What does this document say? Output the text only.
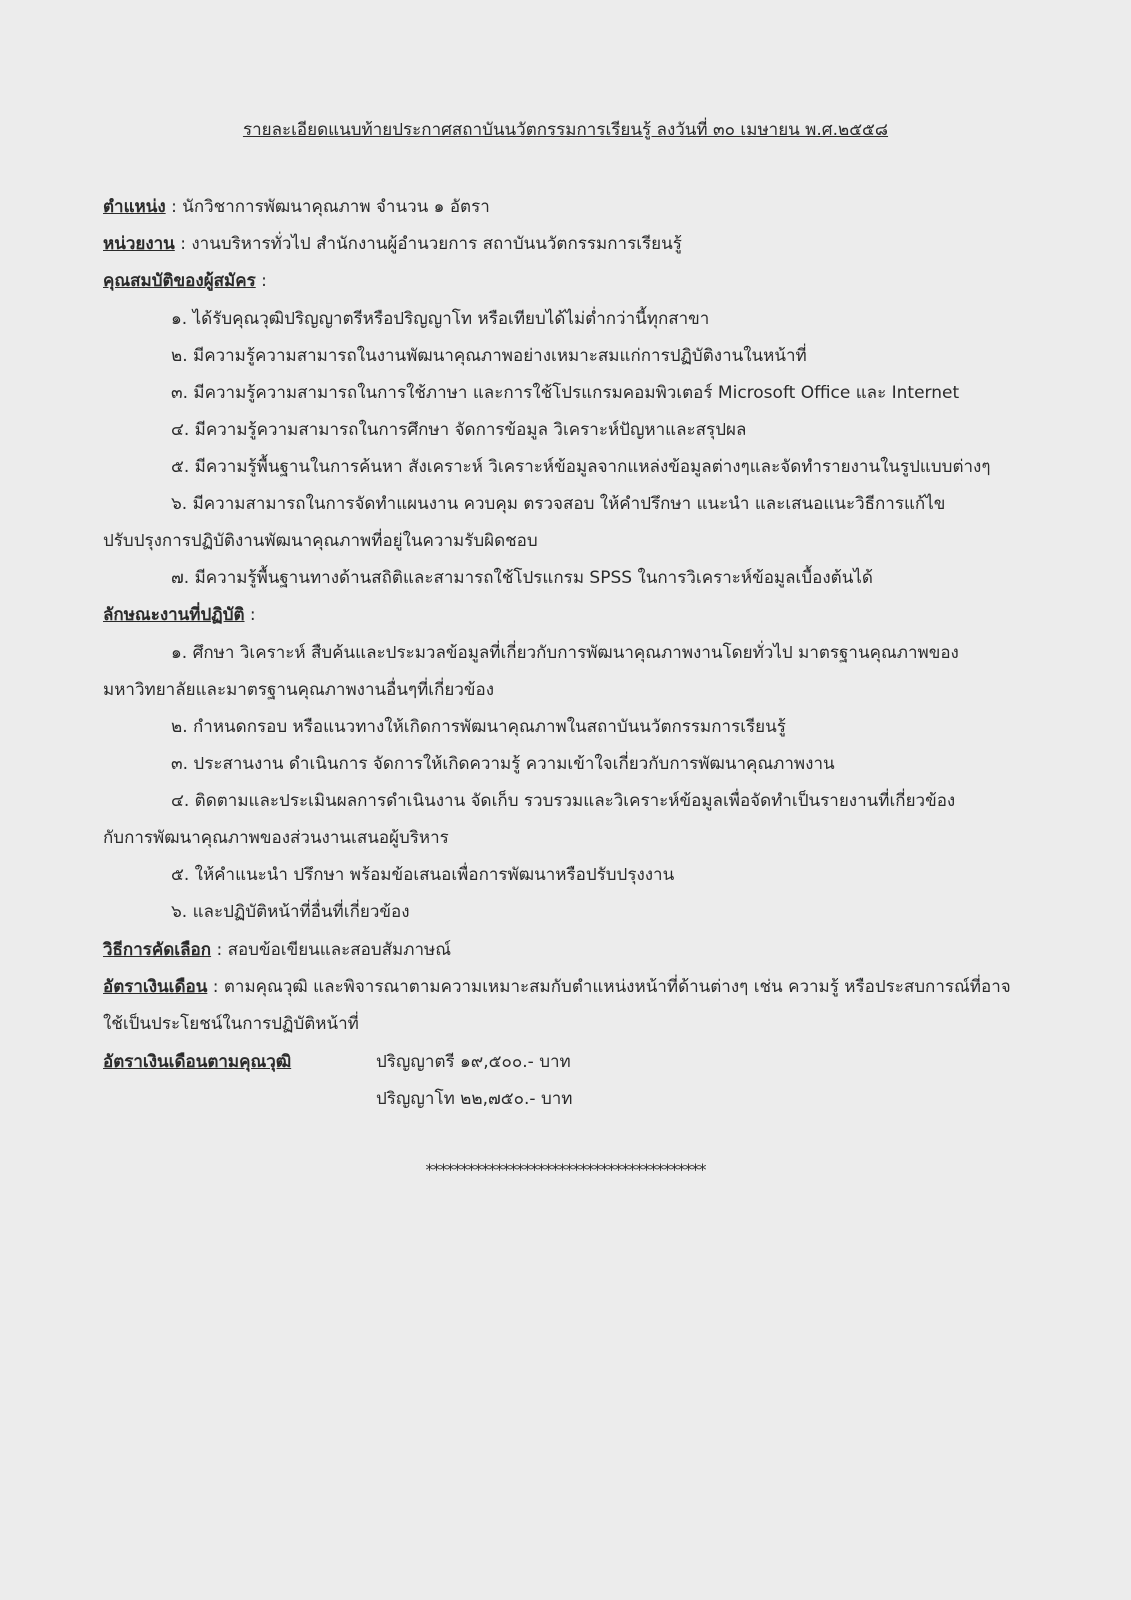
รายละเอียดแนบท้ายประกาศสถาบันนวัตกรรมการเรียนรู้ ลงวันที่ ๓๐ เมษายน พ.ศ.๒๕๕๘
ตำแหน่ง : นักวิชาการพัฒนาคุณภาพ จำนวน ๑ อัตรา
หน่วยงาน : งานบริหารทั่วไป สำนักงานผู้อำนวยการ สถาบันนวัตกรรมการเรียนรู้
คุณสมบัติของผู้สมัคร :
๑. ได้รับคุณวุฒิปริญญาตรีหรือปริญญาโท หรือเทียบได้ไม่ต่ำกว่านี้ทุกสาขา
๒. มีความรู้ความสามารถในงานพัฒนาคุณภาพอย่างเหมาะสมแก่การปฏิบัติงานในหน้าที่
๓. มีความรู้ความสามารถในการใช้ภาษา และการใช้โปรแกรมคอมพิวเตอร์ Microsoft Office และ Internet
๔. มีความรู้ความสามารถในการศึกษา จัดการข้อมูล วิเคราะห์ปัญหาและสรุปผล
๕. มีความรู้พื้นฐานในการค้นหา สังเคราะห์ วิเคราะห์ข้อมูลจากแหล่งข้อมูลต่างๆและจัดทำรายงานในรูปแบบต่างๆ
๖. มีความสามารถในการจัดทำแผนงาน ควบคุม ตรวจสอบ ให้คำปรึกษา แนะนำ และเสนอแนะวิธีการแก้ไข
ปรับปรุงการปฏิบัติงานพัฒนาคุณภาพที่อยู่ในความรับผิดชอบ
๗. มีความรู้พื้นฐานทางด้านสถิติและสามารถใช้โปรแกรม SPSS ในการวิเคราะห์ข้อมูลเบื้องต้นได้
ลักษณะงานที่ปฏิบัติ :
๑. ศึกษา วิเคราะห์ สืบค้นและประมวลข้อมูลที่เกี่ยวกับการพัฒนาคุณภาพงานโดยทั่วไป มาตรฐานคุณภาพของ
มหาวิทยาลัยและมาตรฐานคุณภาพงานอื่นๆที่เกี่ยวข้อง
๒. กำหนดกรอบ หรือแนวทางให้เกิดการพัฒนาคุณภาพในสถาบันนวัตกรรมการเรียนรู้
๓. ประสานงาน ดำเนินการ จัดการให้เกิดความรู้ ความเข้าใจเกี่ยวกับการพัฒนาคุณภาพงาน
๔. ติดตามและประเมินผลการดำเนินงาน จัดเก็บ รวบรวมและวิเคราะห์ข้อมูลเพื่อจัดทำเป็นรายงานที่เกี่ยวข้อง
กับการพัฒนาคุณภาพของส่วนงานเสนอผู้บริหาร
๕. ให้คำแนะนำ ปรึกษา พร้อมข้อเสนอเพื่อการพัฒนาหรือปรับปรุงงาน
๖. และปฏิบัติหน้าที่อื่นที่เกี่ยวข้อง
วิธีการคัดเลือก : สอบข้อเขียนและสอบสัมภาษณ์
อัตราเงินเดือน : ตามคุณวุฒิ และพิจารณาตามความเหมาะสมกับตำแหน่งหน้าที่ด้านต่างๆ เช่น ความรู้ หรือประสบการณ์ที่อาจ
ใช้เป็นประโยชน์ในการปฏิบัติหน้าที่
อัตราเงินเดือนตามคุณวุฒิ	ปริญญาตรี ๑๙,๕๐๐.- บาท
ปริญญาโท ๒๒,๗๕๐.- บาท
****************************************
